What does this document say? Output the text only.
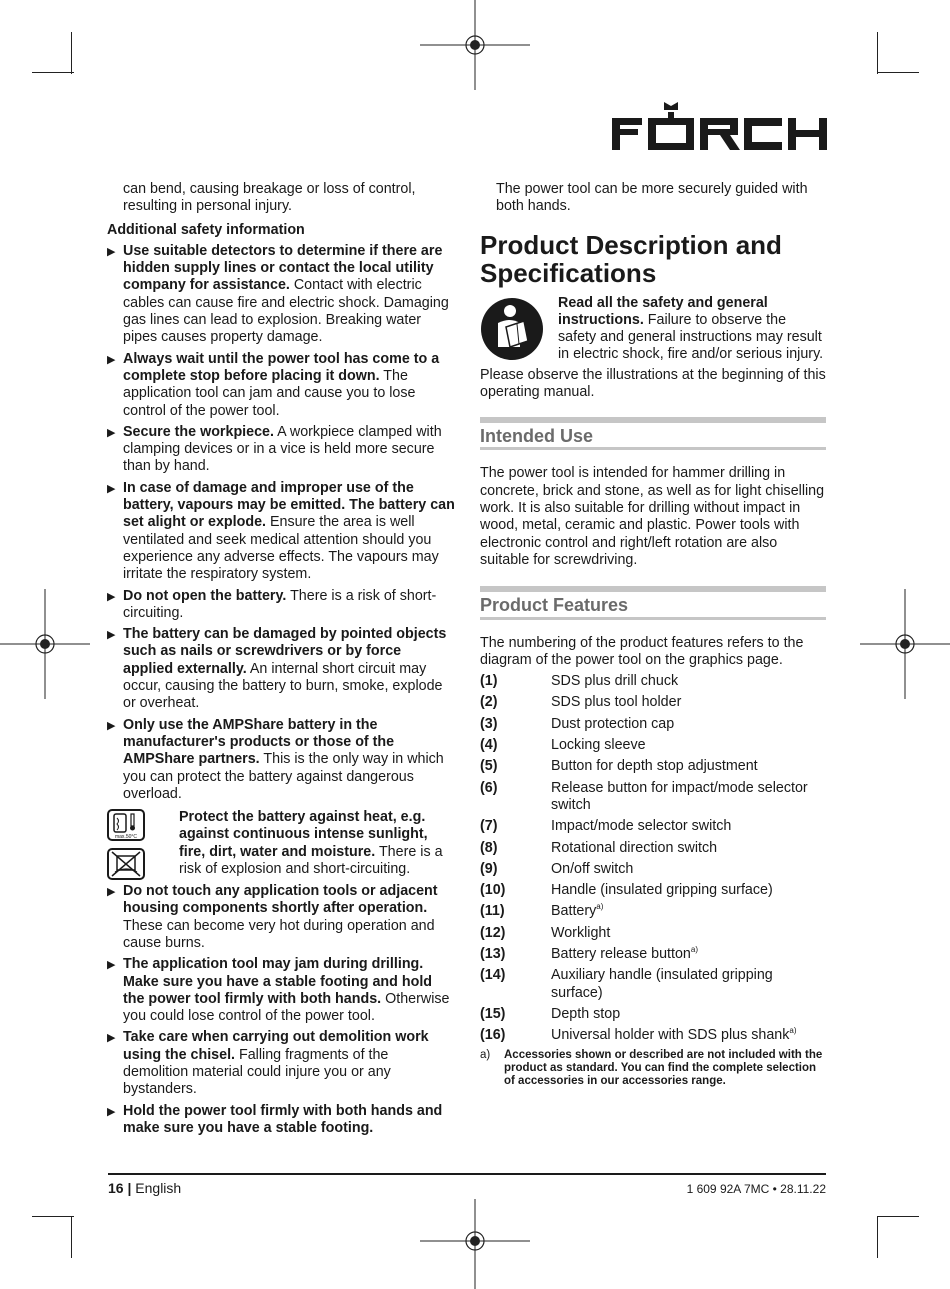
can bend, causing breakage or loss of control, resulting in personal injury.

Additional safety information
▶ Use suitable detectors to determine if there are hidden supply lines or contact the local utility company for assistance. Contact with electric cables can cause fire and electric shock. Damaging gas lines can lead to explosion. Breaking water pipes causes property damage.
▶ Always wait until the power tool has come to a complete stop before placing it down. The application tool can jam and cause you to lose control of the power tool.
▶ Secure the workpiece. A workpiece clamped with clamping devices or in a vice is held more secure than by hand.
▶ In case of damage and improper use of the battery, vapours may be emitted. The battery can set alight or explode. Ensure the area is well ventilated and seek medical attention should you experience any adverse effects. The vapours may irritate the respiratory system.
▶ Do not open the battery. There is a risk of short-circuiting.
▶ The battery can be damaged by pointed objects such as nails or screwdrivers or by force applied externally. An internal short circuit may occur, causing the battery to burn, smoke, explode or overheat.
▶ Only use the AMPShare battery in the manufacturer's products or those of the AMPShare partners. This is the only way in which you can protect the battery against dangerous overload.
max.50°C

Protect the battery against heat, e.g. against continuous intense sunlight, fire, dirt, water and moisture. There is a risk of explosion and short-circuiting.

▶ Do not touch any application tools or adjacent housing components shortly after operation. These can become very hot during operation and cause burns.
▶ The application tool may jam during drilling. Make sure you have a stable footing and hold the power tool firmly with both hands. Otherwise you could lose control of the power tool.
▶ Take care when carrying out demolition work using the chisel. Falling fragments of the demolition material could injure you or any bystanders.
▶ Hold the power tool firmly with both hands and make sure you have a stable footing.

The power tool can be more securely guided with both hands.

Product Description and Specifications

Read all the safety and general instructions. Failure to observe the safety and general instructions may result in electric shock, fire and/or serious injury.

Please observe the illustrations at the beginning of this operating manual.

Intended Use

The power tool is intended for hammer drilling in concrete, brick and stone, as well as for light chiselling work. It is also suitable for drilling without impact in wood, metal, ceramic and plastic. Power tools with electronic control and right/left rotation are also suitable for screwdriving.

Product Features

The numbering of the product features refers to the diagram of the power tool on the graphics page.

(1)	SDS plus drill chuck
(2)	SDS plus tool holder
(3)	Dust protection cap
(4)	Locking sleeve
(5)	Button for depth stop adjustment
(6)	Release button for impact/mode selector switch
(7)	Impact/mode selector switch
(8)	Rotational direction switch
(9)	On/off switch
(10)	Handle (insulated gripping surface)
(11)	Battery$^{a)}$
(12)	Worklight
(13)	Battery release button$^{a)}$
(14)	Auxiliary handle (insulated gripping surface)
(15)	Depth stop
(16)	Universal holder with SDS plus shank$^{a)}$
a)	Accessories shown or described are not included with the product as standard. You can find the complete selection of accessories in our accessories range.
16 | English	1 609 92A 7MC • 28.11.22
